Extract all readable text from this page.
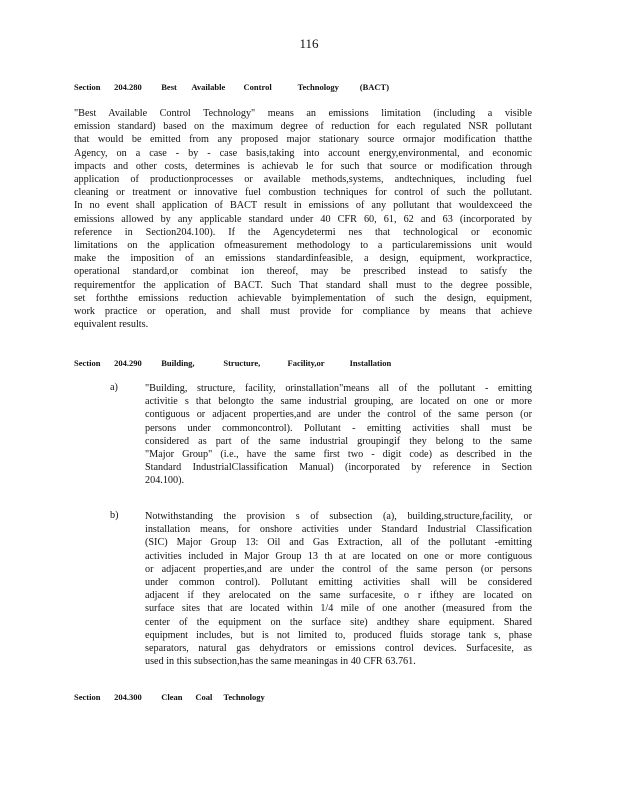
116
Section 204.280 Best Available Control	Technology (BACT)
"Best Available Control Technology" means an emissions limitation (including a visible
emission standard) based on the maximum degree of reduction for each regulated NSR pollutant
that would be emitted from any proposed major stationary source ormajor modification thatthe
Agency, on a case - by - case basis,taking into account energy,environmental, and economic
impacts and other costs, determines is achievab le for such that source or modification through
application of productionprocesses or available methods,systems, andtechniques, including fuel
cleaning or treatment or innovative fuel combustion techniques for control of such the pollutant.
In no event shall application of BACT result in emissions of any pollutant that wouldexceed the
emissions allowed by any applicable standard under 40 CFR 60, 61, 62 and 63 (incorporated by
reference in Section204.100). If the Agencydetermi nes that technological or economic
limitations on the application ofmeasurement methodology to a particularemissions unit would
make the imposition of an emissions standardinfeasible, a design, equipment, workpractice,
operational standard,or combinat ion thereof, may be prescribed instead to satisfy the
requirementfor the application of BACT. Such That standard shall must to the degree possible,
set forththe emissions reduction achievable byimplementation of such the design, equipment,
work practice or operation, and shall must provide for compliance by means that achieve
equivalent results.
Section 204.290 Building,	Structure,	Facility,or	Installation
a)	"Building, structure, facility, orinstallation"means all of the pollutant - emitting
activitie s that belongto the same industrial grouping, are located on one or more
contiguous or adjacent properties,and are under the control of the same person (or
persons under commoncontrol). Pollutant - emitting activities shall must be
considered as part of the same industrial groupingif they belong to the same
"Major Group" (i.e., have the same first two - digit code) as described in the
Standard IndustrialClassification Manual) (incorporated by reference in Section
204.100).
b)	Notwithstanding the provision s of subsection (a), building,structure,facility, or
installation means, for onshore activities under Standard Industrial Classification
(SIC) Major Group 13: Oil and Gas Extraction, all of the pollutant -emitting
activities included in Major Group 13 th at are located on one or more contiguous
or adjacent properties,and are under the control of the same person (or persons
under common control). Pollutant emitting activities shall will be considered
adjacent if they arelocated on the same surfacesite, o r ifthey are located on
surface sites that are located within 1/4 mile of one another (measured from the
center of the equipment on the surface site) andthey share equipment. Shared
equipment includes, but is not limited to, produced fluids storage tank s, phase
separators, natural gas dehydrators or emissions control devices. Surfacesite, as
used in this subsection,has the same meaningas in 40 CFR 63.761.
Section 204.300 Clean Coal Technology
